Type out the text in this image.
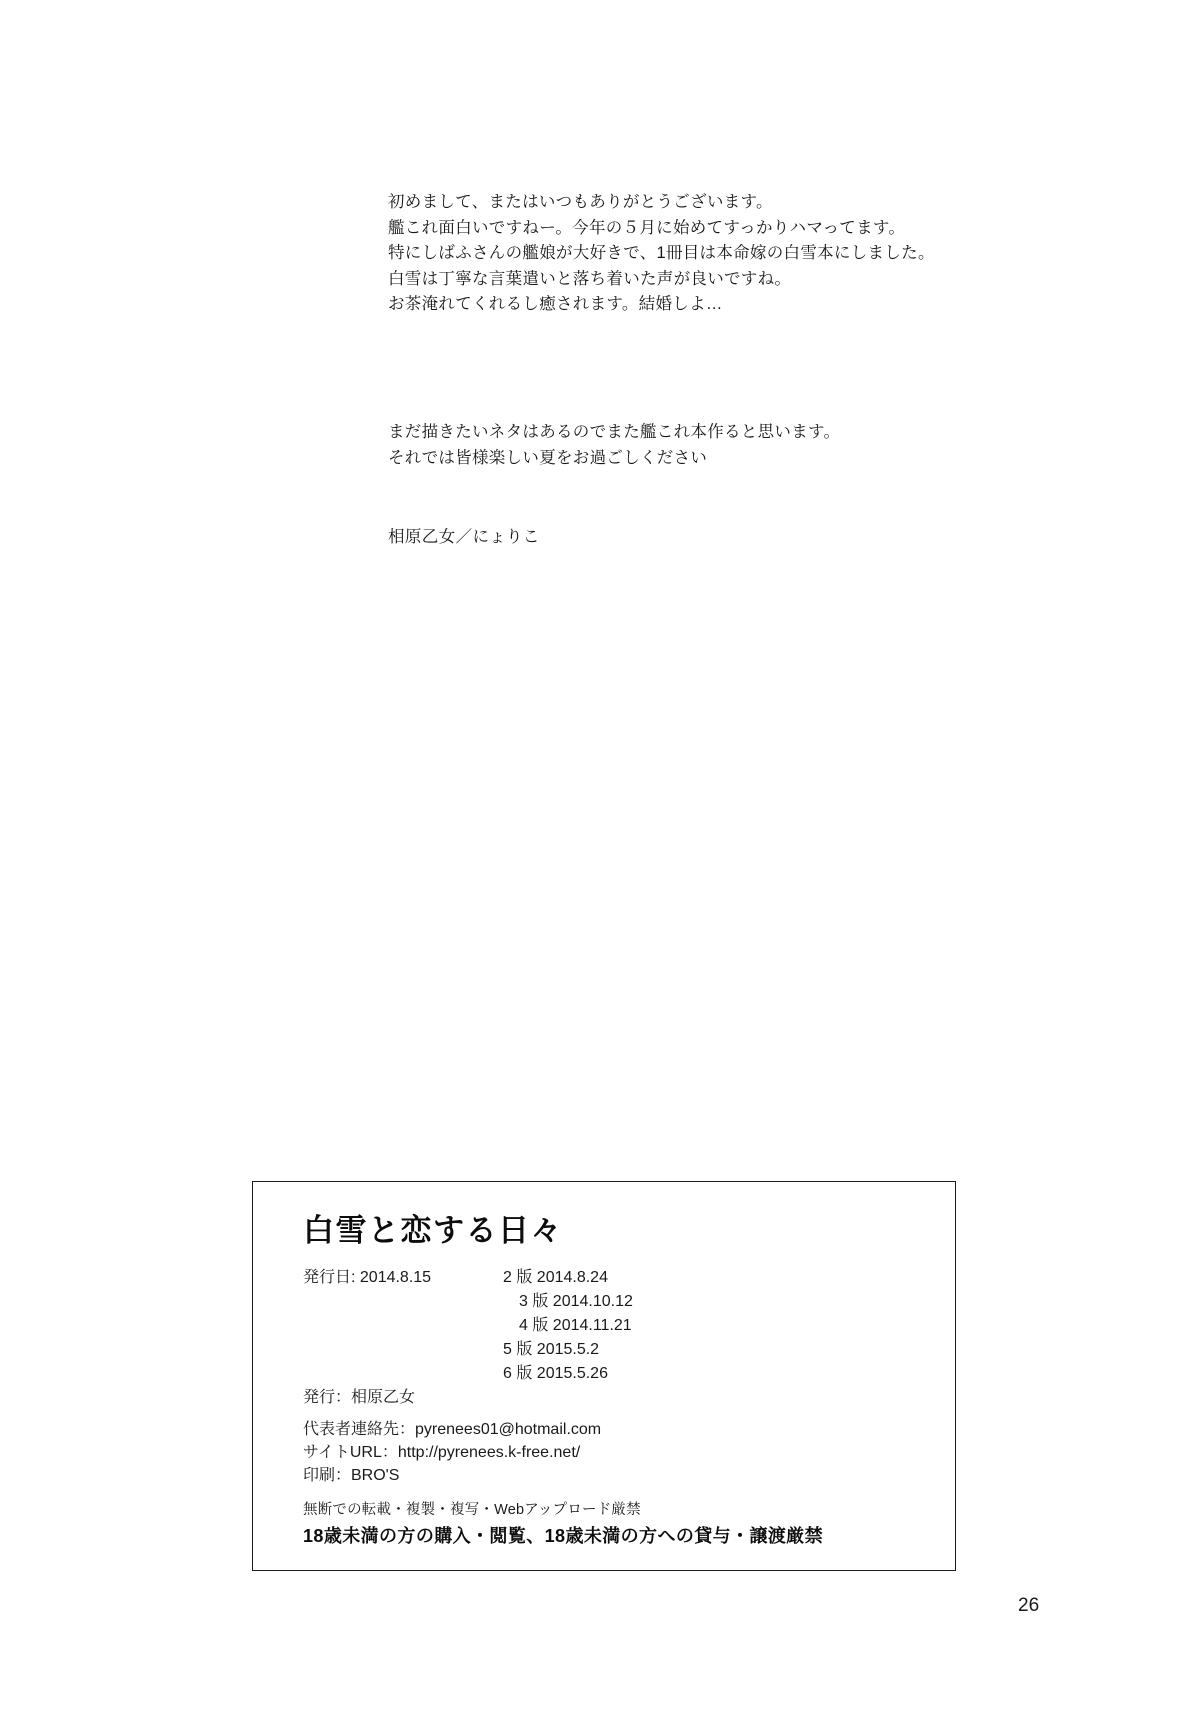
初めまして、またはいつもありがとうございます。
艦これ面白いですねー。今年の５月に始めてすっかりハマってます。
特にしばふさんの艦娘が大好きで、1冊目は本命嫁の白雪本にしました。
白雪は丁寧な言葉遣いと落ち着いた声が良いですね。
お茶淹れてくれるし癒されます。結婚しよ…
まだ描きたいネタはあるのでまた艦これ本作ると思います。
それでは皆様楽しい夏をお過ごしください
相原乙女／にょりこ
白雪と恋する日々
発行日: 2014.8.15	2 版 2014.8.24
3 版 2014.10.12
4 版 2014.11.21
5 版 2015.5.2
6 版 2015.5.26
発行：相原乙女
代表者連絡先：pyrenees01@hotmail.com
サイトURL：http://pyrenees.k-free.net/
印刷：BRO'S
無断での転載・複製・複写・Webアップロード厳禁
18歳未満の方の購入・閲覧、18歳未満の方への貸与・譲渡厳禁
26
